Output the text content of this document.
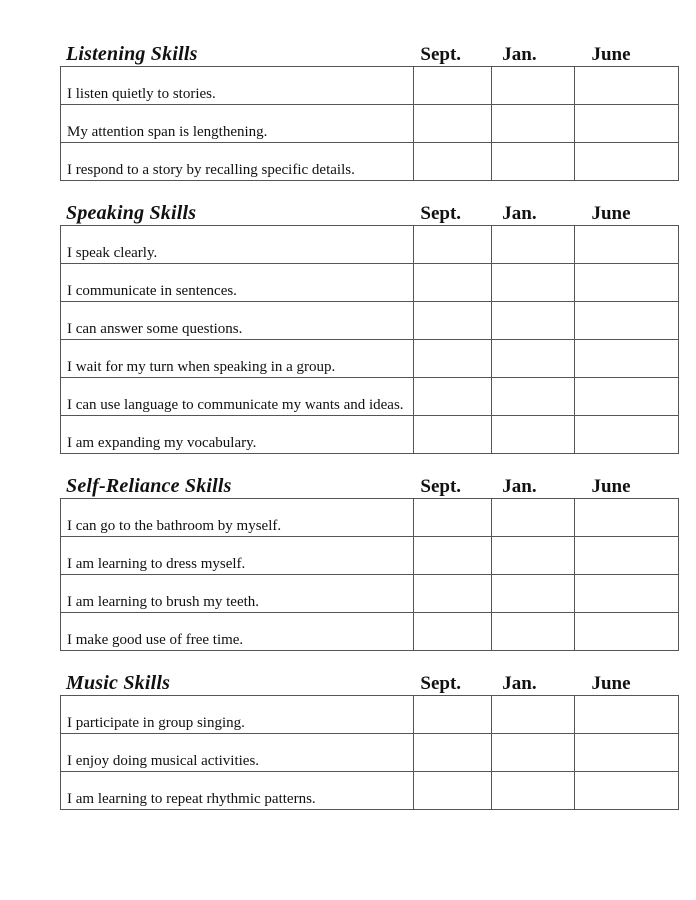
Listening Skills	Sept.	Jan.	June
I listen quietly to stories.			
My attention span is lengthening.			
I respond to a story by recalling specific details.			
Speaking Skills	Sept.	Jan.	June
I speak clearly.			
I communicate in sentences.			
I can answer some questions.			
I wait for my turn when speaking in a group.			
I can use language to communicate my wants and ideas.			
I am expanding my vocabulary.			
Self-Reliance Skills	Sept.	Jan.	June
I can go to the bathroom by myself.			
I am learning to dress myself.			
I am learning to brush my teeth.			
I make good use of free time.			
Music Skills	Sept.	Jan.	June
I participate in group singing.			
I enjoy doing musical activities.			
I am learning to repeat rhythmic patterns.			
